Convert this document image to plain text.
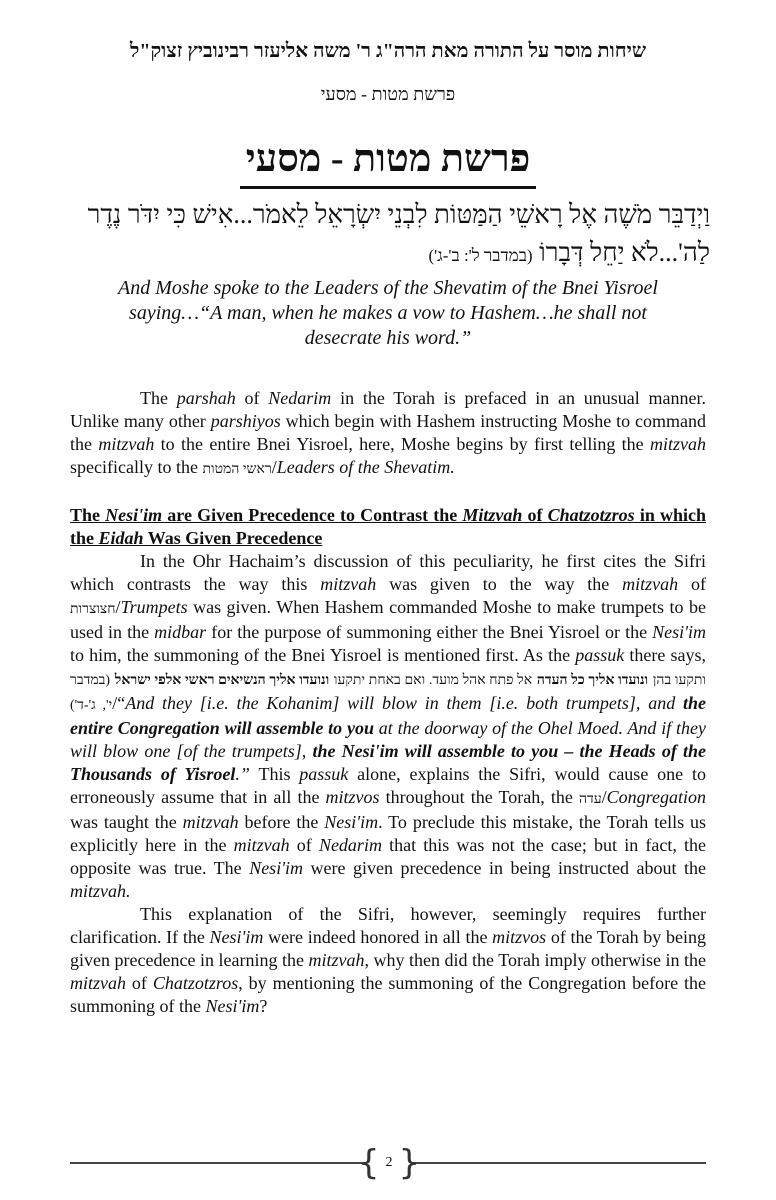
שיחות מוסר על התורה מאת הרה"ג ר' משה אליעזר רבינוביץ זצוק"ל
פרשת מטות - מסעי
פרשת מטות - מסעי
וַיְדַבֵּר מֹשֶׁה אֶל רָאשֵׁי הַמַּטּוֹת לִבְנֵי יִשְׂרָאֵל לֵאמֹר...אִישׁ כִּי יִדֹּר נֶדֶר לַה'...לֹא יַחֵל דְּבָרוֹ (במדבר ל': ב'-ג')
And Moshe spoke to the Leaders of the Shevatim of the Bnei Yisroel saying…“A man, when he makes a vow to Hashem…he shall not desecrate his word.”

The parshah of Nedarim in the Torah is prefaced in an unusual manner. Unlike many other parshiyos which begin with Hashem instructing Moshe to command the mitzvah to the entire Bnei Yisroel, here, Moshe begins by first telling the mitzvah specifically to the ראשי המטות/Leaders of the Shevatim.

The Nesi'im are Given Precedence to Contrast the Mitzvah of Chatzotzros in which the Eidah Was Given Precedence

In the Ohr Hachaim’s discussion of this peculiarity, he first cites the Sifri which contrasts the way this mitzvah was given to the way the mitzvah of חצוצרות/Trumpets was given. When Hashem commanded Moshe to make trumpets to be used in the midbar for the purpose of summoning either the Bnei Yisroel or the Nesi'im to him, the summoning of the Bnei Yisroel is mentioned first. As the passuk there says, ותקעו בהן ונועדו אליך כל העדה אל פתח אהל מועד. ואם באחת יתקעו ונועדו אליך הנשיאים ראשי אלפי ישראל (במדבר י', ג'-ד')/“And they [i.e. the Kohanim] will blow in them [i.e. both trumpets], and the entire Congregation will assemble to you at the doorway of the Ohel Moed. And if they will blow one [of the trumpets], the Nesi'im will assemble to you – the Heads of the Thousands of Yisroel.” This passuk alone, explains the Sifri, would cause one to erroneously assume that in all the mitzvos throughout the Torah, the עדה/Congregation was taught the mitzvah before the Nesi'im. To preclude this mistake, the Torah tells us explicitly here in the mitzvah of Nedarim that this was not the case; but in fact, the opposite was true. The Nesi'im were given precedence in being instructed about the mitzvah.

This explanation of the Sifri, however, seemingly requires further clarification. If the Nesi'im were indeed honored in all the mitzvos of the Torah by being given precedence in learning the mitzvah, why then did the Torah imply otherwise in the mitzvah of Chatzotzros, by mentioning the summoning of the Congregation before the summoning of the Nesi'im?

{ 2 }
